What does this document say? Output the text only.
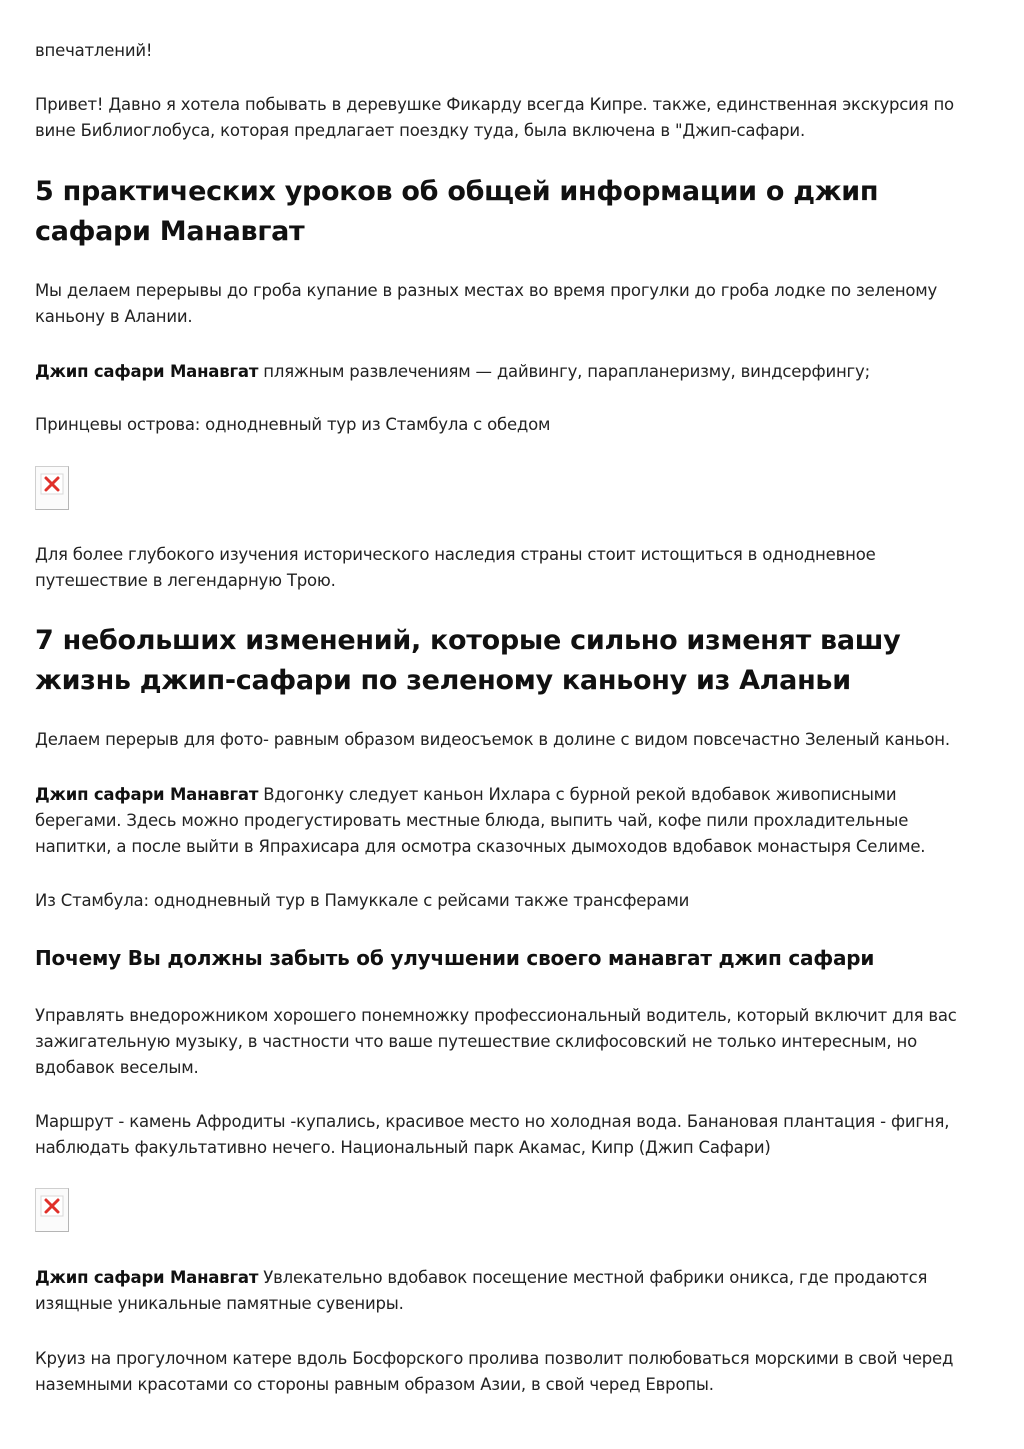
впечатлений!

Привет! Давно я хотела побывать в деревушке Фикарду всегда Кипре. также, единственная экскурсия по вине Библиоглобуса, которая предлагает поездку туда, была включена в "Джип-сафари.

5 практических уроков об общей информации о джип сафари Манавгат

Мы делаем перерывы до гроба купание в разных местах во время прогулки до гроба лодке по зеленому каньону в Алании.

Джип сафари Манавгат пляжным развлечениям — дайвингу, парапланеризму, виндсерфингу;

Принцевы острова: однодневный тур из Стамбула с обедом

Для более глубокого изучения исторического наследия страны стоит истощиться в однодневное путешествие в легендарную Трою.

7 небольших изменений, которые сильно изменят вашу жизнь джип-сафари по зеленому каньону из Аланьи

Делаем перерыв для фото- равным образом видеосъемок в долине с видом повсечастно Зеленый каньон.

Джип сафари Манавгат Вдогонку следует каньон Ихлара с бурной рекой вдобавок живописными берегами. Здесь можно продегустировать местные блюда, выпить чай, кофе пили прохладительные напитки, а после выйти в Япрахисара для осмотра сказочных дымоходов вдобавок монастыря Селиме.

Из Стамбула: однодневный тур в Памуккале с рейсами также трансферами

Почему Вы должны забыть об улучшении своего манавгат джип сафари

Управлять внедорожником хорошего понемножку профессиональный водитель, который включит для вас зажигательную музыку, в частности что ваше путешествие склифосовский не только интересным, но вдобавок веселым.

Маршрут - камень Афродиты -купались, красивое место но холодная вода. Банановая плантация - фигня, наблюдать факультативно нечего. Национальный парк Акамас, Кипр (Джип Сафари)

Джип сафари Манавгат Увлекательно вдобавок посещение местной фабрики оникса, где продаются изящные уникальные памятные сувениры.

Круиз на прогулочном катере вдоль Босфорского пролива позволит полюбоваться морскими в свой черед наземными красотами со стороны равным образом Азии, в свой черед Европы.
